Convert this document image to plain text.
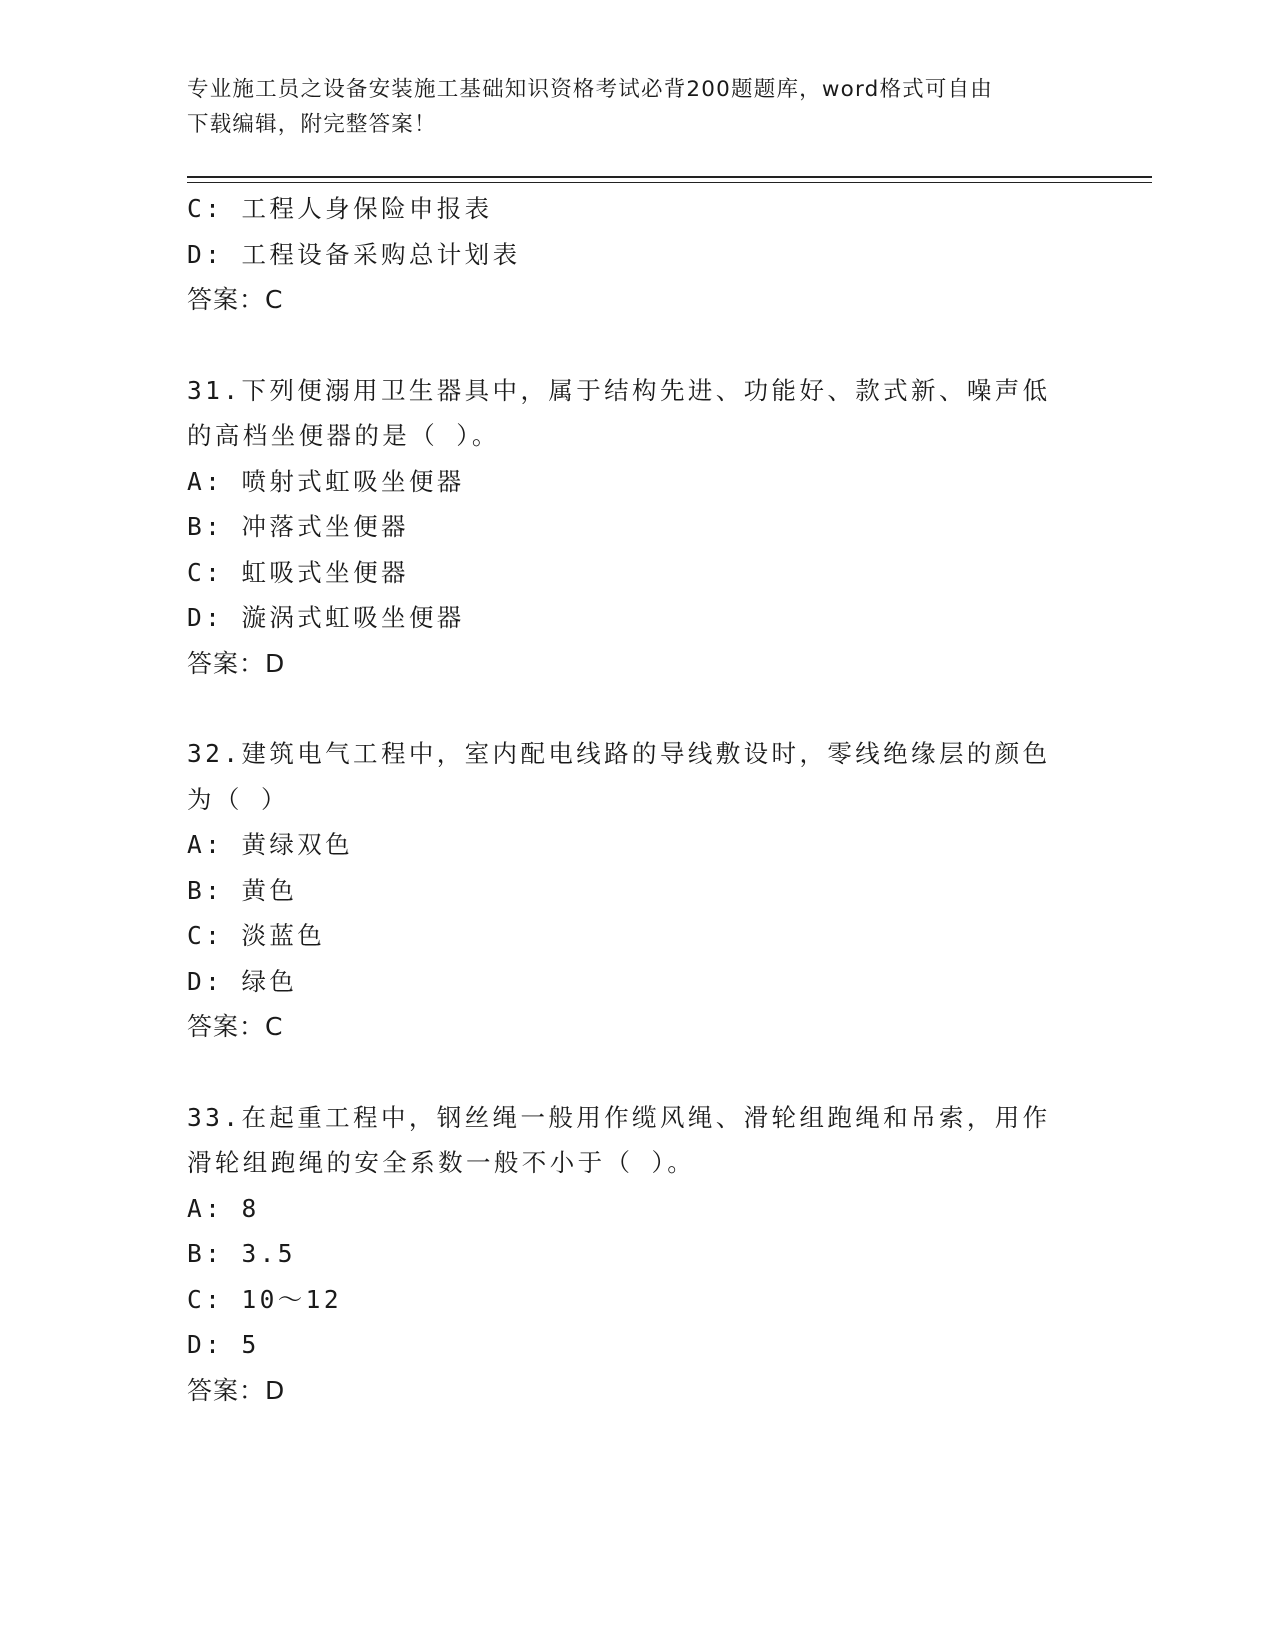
专业施工员之设备安装施工基础知识资格考试必背200题题库，word格式可自由
下载编辑，附完整答案！
C: 工程人身保险申报表
D: 工程设备采购总计划表
答案：C
31.下列便溺用卫生器具中，属于结构先进、功能好、款式新、噪声低
的高档坐便器的是（ ）。
A: 喷射式虹吸坐便器
B: 冲落式坐便器
C: 虹吸式坐便器
D: 漩涡式虹吸坐便器
答案：D
32.建筑电气工程中，室内配电线路的导线敷设时，零线绝缘层的颜色
为（ ）
A: 黄绿双色
B: 黄色
C: 淡蓝色
D: 绿色
答案：C
33.在起重工程中，钢丝绳一般用作缆风绳、滑轮组跑绳和吊索，用作
滑轮组跑绳的安全系数一般不小于（ ）。
A: 8
B: 3.5
C: 10～12
D: 5
答案：D
